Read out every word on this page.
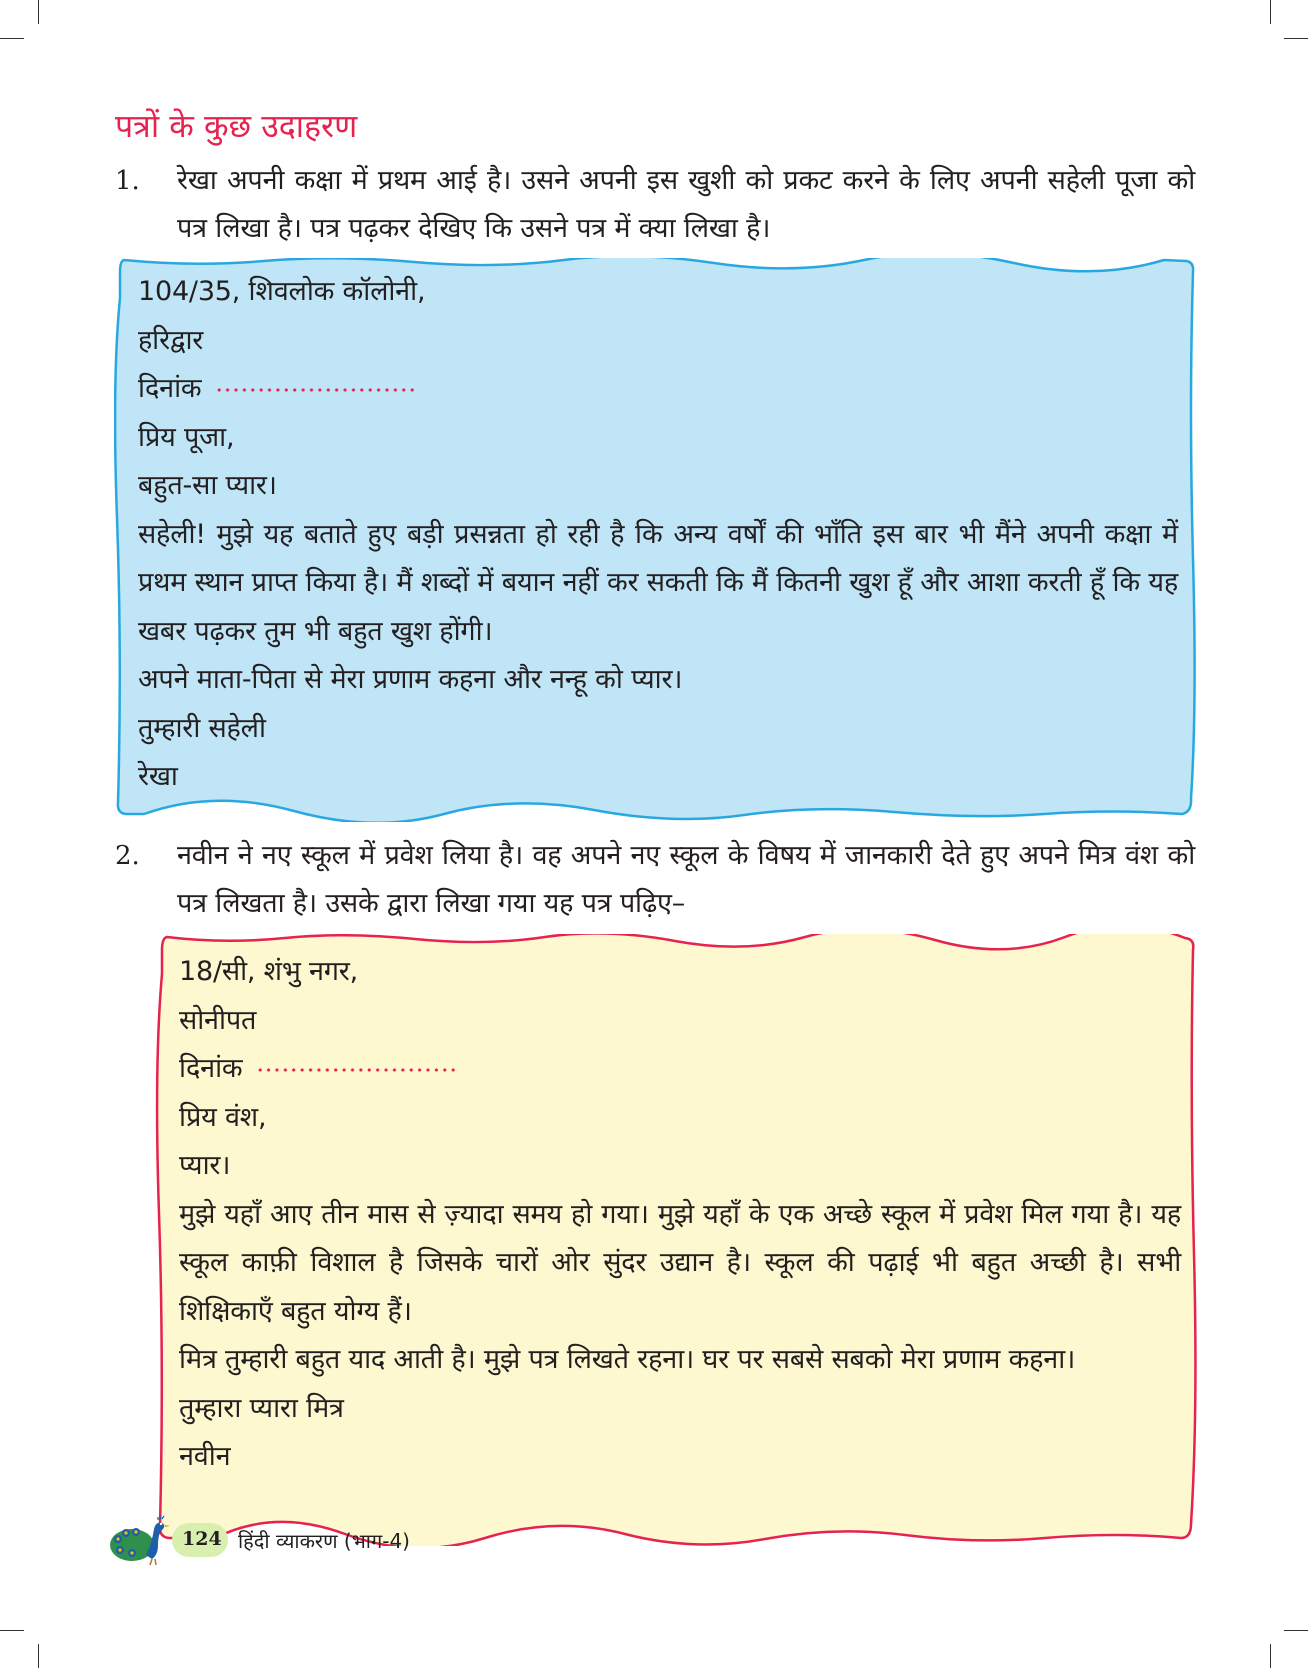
पत्रों के कुछ उदाहरण
1. रेखा अपनी कक्षा में प्रथम आई है। उसने अपनी इस खुशी को प्रकट करने के लिए अपनी सहेली पूजा को पत्र लिखा है। पत्र पढ़कर देखिए कि उसने पत्र में क्या लिखा है।
104/35, शिवलोक कॉलोनी,
हरिद्वार
दिनांक
प्रिय पूजा,
बहुत-सा प्यार।
सहेली! मुझे यह बताते हुए बड़ी प्रसन्नता हो रही है कि अन्य वर्षों की भाँति इस बार भी मैंने अपनी कक्षा में प्रथम स्थान प्राप्त किया है। मैं शब्दों में बयान नहीं कर सकती कि मैं कितनी खुश हूँ और आशा करती हूँ कि यह खबर पढ़कर तुम भी बहुत खुश होंगी।
अपने माता-पिता से मेरा प्रणाम कहना और नन्हू को प्यार।
तुम्हारी सहेली
रेखा
2. नवीन ने नए स्कूल में प्रवेश लिया है। वह अपने नए स्कूल के विषय में जानकारी देते हुए अपने मित्र वंश को पत्र लिखता है। उसके द्वारा लिखा गया यह पत्र पढ़िए–
18/सी, शंभु नगर,
सोनीपत
दिनांक
प्रिय वंश,
प्यार।
मुझे यहाँ आए तीन मास से ज़्यादा समय हो गया। मुझे यहाँ के एक अच्छे स्कूल में प्रवेश मिल गया है। यह स्कूल काफ़ी विशाल है जिसके चारों ओर सुंदर उद्यान है। स्कूल की पढ़ाई भी बहुत अच्छी है। सभी शिक्षिकाएँ बहुत योग्य हैं।
मित्र तुम्हारी बहुत याद आती है। मुझे पत्र लिखते रहना। घर पर सबसे सबको मेरा प्रणाम कहना।
तुम्हारा प्यारा मित्र
नवीन
124 हिंदी व्याकरण (भाग-4)
